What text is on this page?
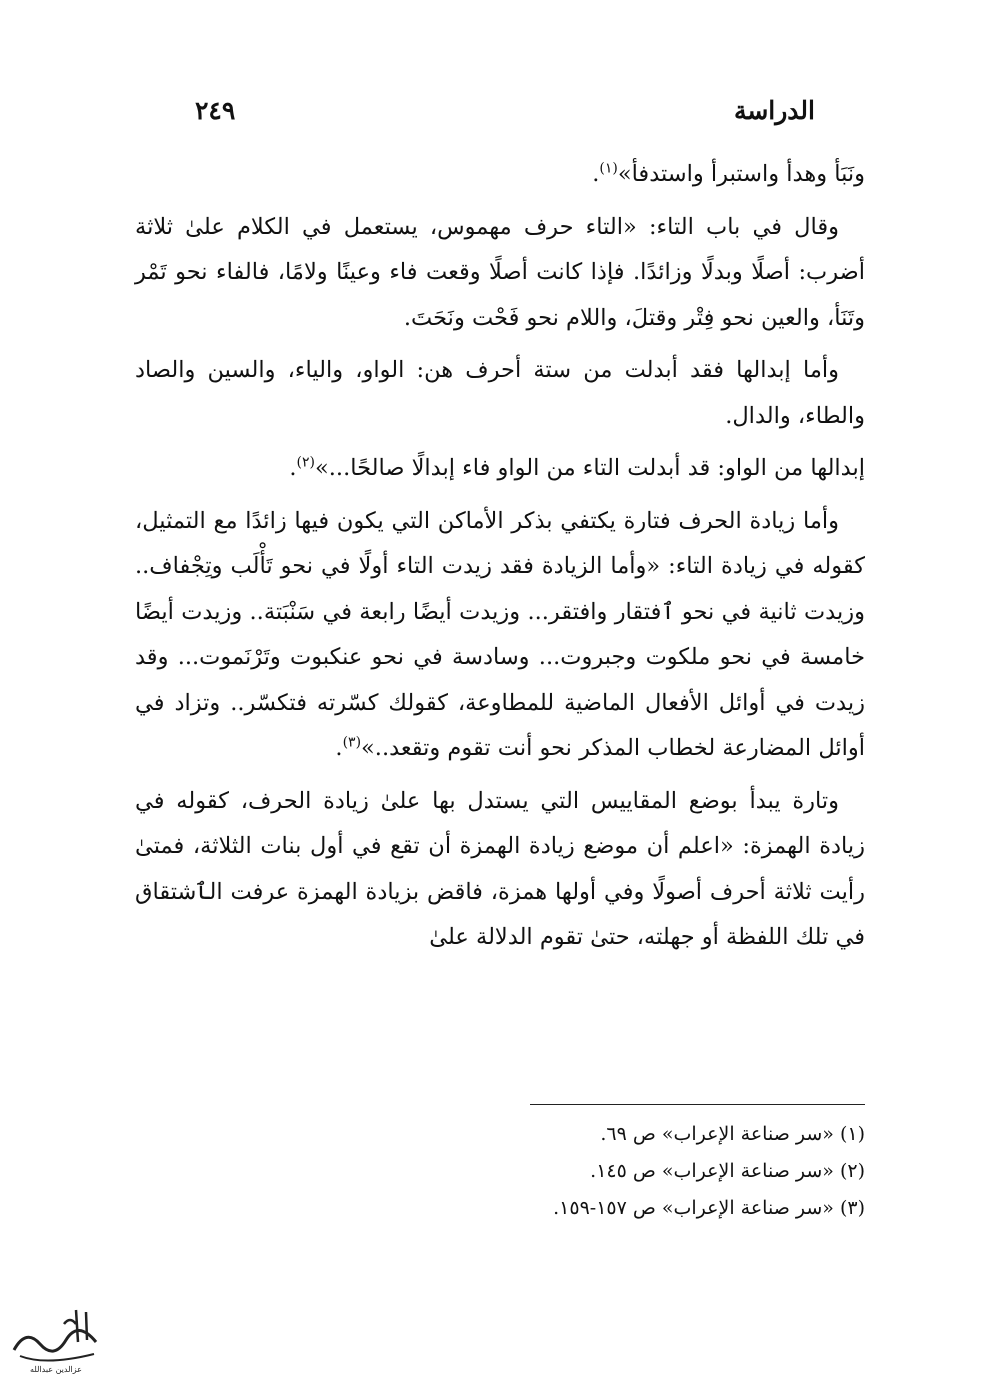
٢٤٩	الدراسة

ونَبَأ وهدأ واستبرأ واستدفأ»$^{(١)}$.

وقال في باب التاء: «التاء حرف مهموس، يستعمل في الكلام علىٰ ثلاثة أضرب: أصلًا وبدلًا وزائدًا. فإذا كانت أصلًا وقعت فاء وعينًا ولامًا، فالفاء نحو تَمْر وتَنَأ، والعين نحو فِتْر وقتلَ، واللام نحو فَحْت ونَحَتَ.

وأما إبدالها فقد أبدلت من ستة أحرف هن: الواو، والياء، والسين والصاد والطاء، والدال.

إبدالها من الواو: قد أبدلت التاء من الواو فاء إبدالًا صالحًا...»$^{(٢)}$.

وأما زيادة الحرف فتارة يكتفي بذكر الأماكن التي يكون فيها زائدًا مع التمثيل، كقوله في زيادة التاء: «وأما الزيادة فقد زيدت التاء أولًا في نحو تَأْلَب وتِجْفاف.. وزيدت ثانية في نحو ٱفتقار وافتقر... وزيدت أيضًا رابعة في سَنْبَتة.. وزيدت أيضًا خامسة في نحو ملكوت وجبروت... وسادسة في نحو عنكبوت وتَرْنَموت... وقد زيدت في أوائل الأفعال الماضية للمطاوعة، كقولك كسّرته فتكسّر.. وتزاد في أوائل المضارعة لخطاب المذكر نحو أنت تقوم وتقعد..»$^{(٣)}$.

وتارة يبدأ بوضع المقاييس التي يستدل بها علىٰ زيادة الحرف، كقوله في زيادة الهمزة: «اعلم أن موضع زيادة الهمزة أن تقع في أول بنات الثلاثة، فمتىٰ رأيت ثلاثة أحرف أصولًا وفي أولها همزة، فاقض بزيادة الهمزة عرفت الٱشتقاق في تلك اللفظة أو جهلته، حتىٰ تقوم الدلالة علىٰ

(١) «سر صناعة الإعراب» ص ٦٩.

(٢) «سر صناعة الإعراب» ص ١٤٥.

(٣) «سر صناعة الإعراب» ص ١٥٧-١٥٩.

عزالدين عبدالله
